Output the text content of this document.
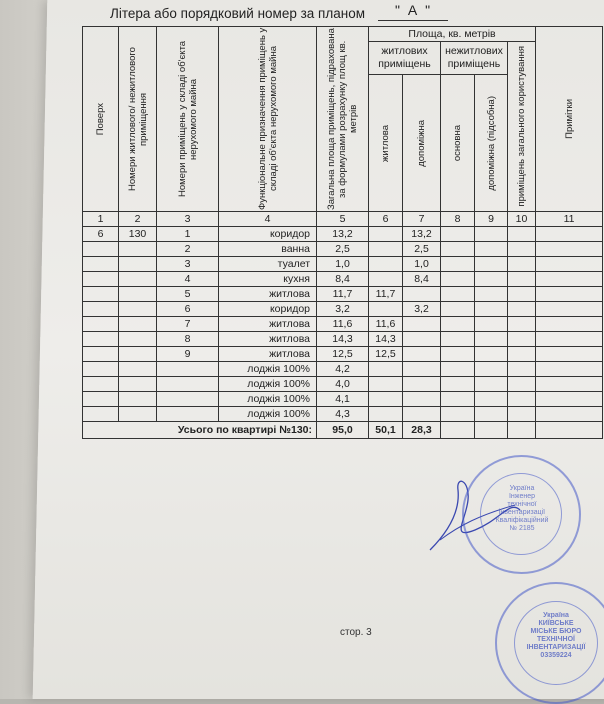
Літера або порядковий номер за планом " А "
Поверх	Номери житлового/ нежитлового приміщення	Номери приміщень у складі об'єкта нерухомого майна	Функціональне призначення приміщень у складі об'єкта нерухомого майна	Загальна площа приміщень, підрахована за формулами розрахунку площ кв. метрів	Площа, кв. метрів					Примітки

					житлових приміщень		нежитлових приміщень		приміщень загального користування	

					житлова	допоміжна	основна	допоміжна (підсобна)		

1	2	3	4	5	6	7	8	9	10	11
6	130	1	коридор	13,2		13,2				
		2	ванна	2,5		2,5				
		3	туалет	1,0		1,0				
		4	кухня	8,4		8,4				
		5	житлова	11,7	11,7					
		6	коридор	3,2		3,2				
		7	житлова	11,6	11,6					
		8	житлова	14,3	14,3					
		9	житлова	12,5	12,5					
			лоджія 100%	4,2						
			лоджія 100%	4,0						
			лоджія 100%	4,1						
			лоджія 100%	4,3						
Усього по квартирі №130:				95,0	50,1	28,3				
Україна
Інженер
технічної
інвентаризації
Кваліфікаційний
№ 2185
Україна
КИЇВСЬКЕ
МІСЬКЕ БЮРО
ТЕХНІЧНОЇ
ІНВЕНТАРИЗАЦІЇ
03359224
стор. 3
